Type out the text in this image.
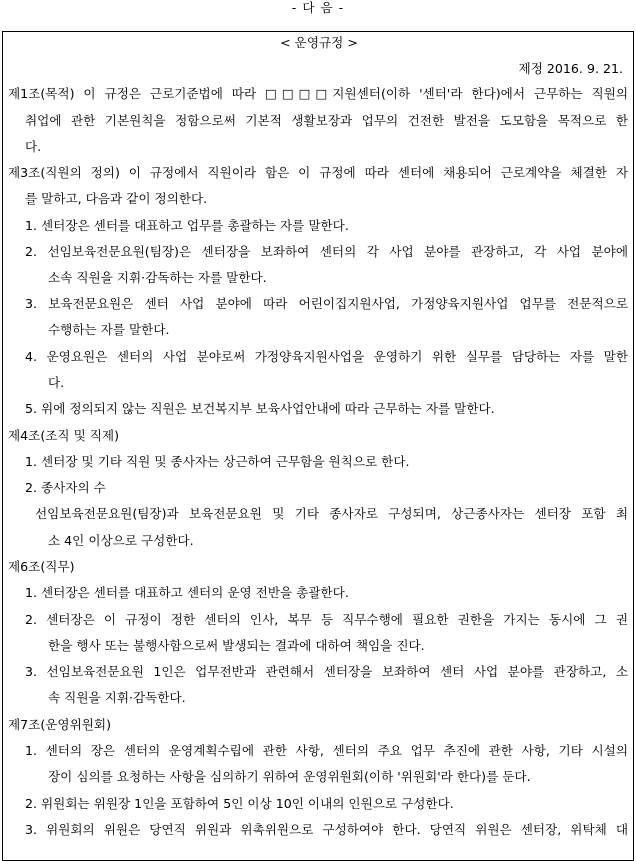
- 다 음 -
< 운영규정 >
제정 2016. 9. 21.
제1조(목적) 이 규정은 근로기준법에 따라 □□□□지원센터(이하 '센터'라 한다)에서 근무하는 직원의
취업에 관한 기본원칙을 정함으로써 기본적 생활보장과 업무의 건전한 발전을 도모함을 목적으로 한
다.
제3조(직원의 정의) 이 규정에서 직원이라 함은 이 규정에 따라 센터에 채용되어 근로계약을 체결한 자
를 말하고, 다음과 같이 정의한다.
1. 센터장은 센터를 대표하고 업무를 총괄하는 자를 말한다.
2. 선임보육전문요원(팀장)은 센터장을 보좌하여 센터의 각 사업 분야를 관장하고, 각 사업 분야에
소속 직원을 지휘·감독하는 자를 말한다.
3. 보육전문요원은 센터 사업 분야에 따라 어린이집지원사업, 가정양육지원사업 업무를 전문적으로
수행하는 자를 말한다.
4. 운영요원은 센터의 사업 분야로써 가정양육지원사업을 운영하기 위한 실무를 담당하는 자를 말한
다.
5. 위에 정의되지 않는 직원은 보건복지부 보육사업안내에 따라 근무하는 자를 말한다.
제4조(조직 및 직제)
1. 센터장 및 기타 직원 및 종사자는 상근하여 근무함을 원칙으로 한다.
2. 종사자의 수
선임보육전문요원(팀장)과 보육전문요원 및 기타 종사자로 구성되며, 상근종사자는 센터장 포함 최
소 4인 이상으로 구성한다.
제6조(직무)
1. 센터장은 센터를 대표하고 센터의 운영 전반을 총괄한다.
2. 센터장은 이 규정이 정한 센터의 인사, 복무 등 직무수행에 필요한 권한을 가지는 동시에 그 권
한을 행사 또는 불행사함으로써 발생되는 결과에 대하여 책임을 진다.
3. 선임보육전문요원 1인은 업무전반과 관련해서 센터장을 보좌하여 센터 사업 분야를 관장하고, 소
속 직원을 지휘·감독한다.
제7조(운영위원회)
1. 센터의 장은 센터의 운영계획수립에 관한 사항, 센터의 주요 업무 추진에 관한 사항, 기타 시설의
장이 심의를 요청하는 사항을 심의하기 위하여 운영위원회(이하 '위원회'라 한다)를 둔다.
2. 위원회는 위원장 1인을 포함하여 5인 이상 10인 이내의 인원으로 구성한다.
3. 위원회의 위원은 당연직 위원과 위촉위원으로 구성하여야 한다. 당연직 위원은 센터장, 위탁체 대
